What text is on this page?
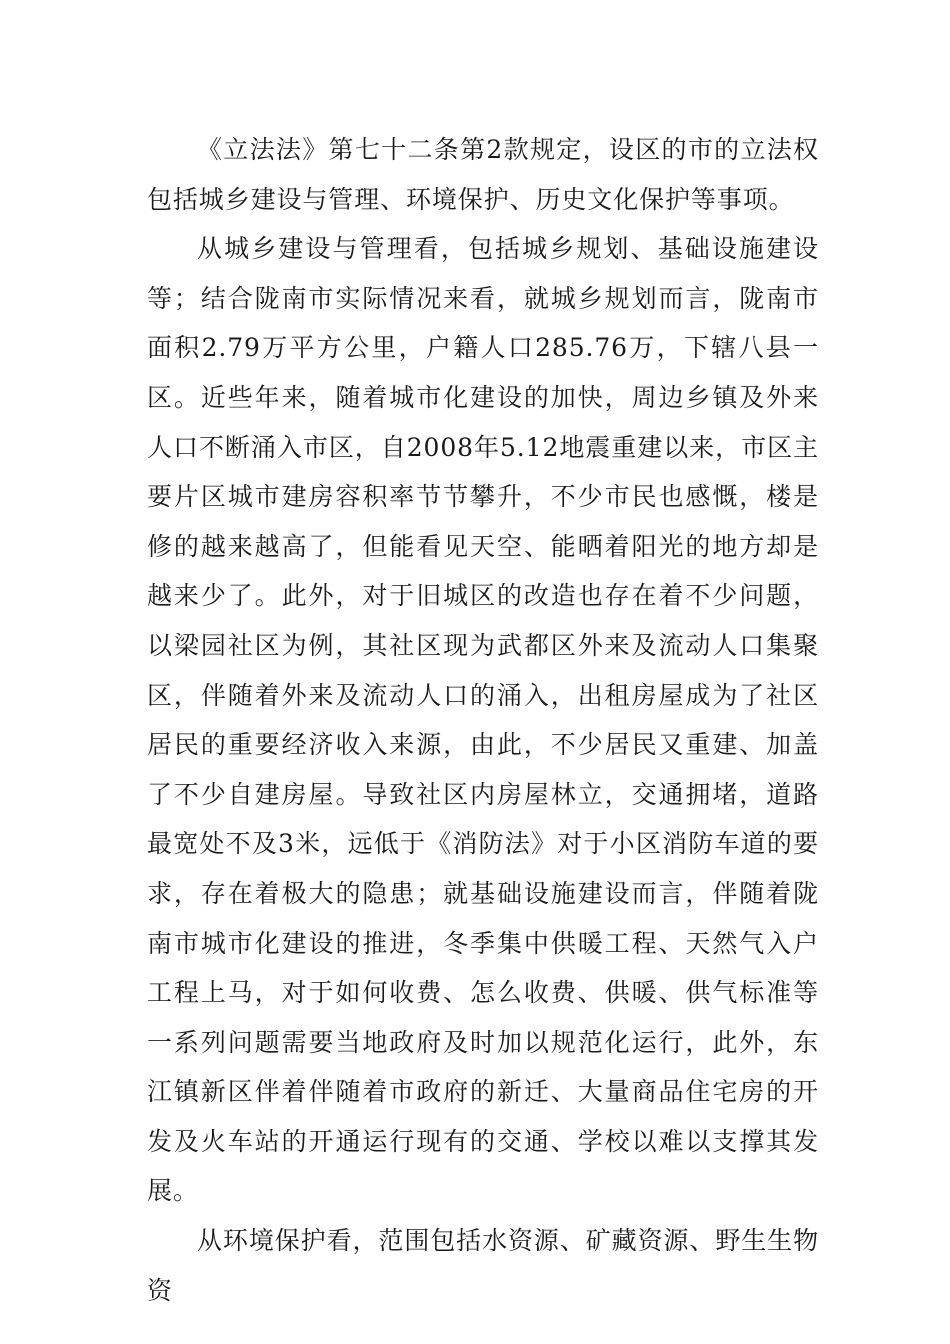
《立法法》第七十二条第2款规定，设区的市的立法权包括城乡建设与管理、环境保护、历史文化保护等事项。

从城乡建设与管理看，包括城乡规划、基础设施建设等；结合陇南市实际情况来看，就城乡规划而言，陇南市面积2.79万平方公里，户籍人口285.76万，下辖八县一区。近些年来，随着城市化建设的加快，周边乡镇及外来人口不断涌入市区，自2008年5.12地震重建以来，市区主要片区城市建房容积率节节攀升，不少市民也感慨，楼是修的越来越高了，但能看见天空、能晒着阳光的地方却是越来少了。此外，对于旧城区的改造也存在着不少问题，以梁园社区为例，其社区现为武都区外来及流动人口集聚区，伴随着外来及流动人口的涌入，出租房屋成为了社区居民的重要经济收入来源，由此，不少居民又重建、加盖了不少自建房屋。导致社区内房屋林立，交通拥堵，道路最宽处不及3米，远低于《消防法》对于小区消防车道的要求，存在着极大的隐患；就基础设施建设而言，伴随着陇南市城市化建设的推进，冬季集中供暖工程、天然气入户工程上马，对于如何收费、怎么收费、供暖、供气标准等一系列问题需要当地政府及时加以规范化运行，此外，东江镇新区伴着伴随着市政府的新迁、大量商品住宅房的开发及火车站的开通运行现有的交通、学校以难以支撑其发展。

从环境保护看，范围包括水资源、矿藏资源、野生生物资
